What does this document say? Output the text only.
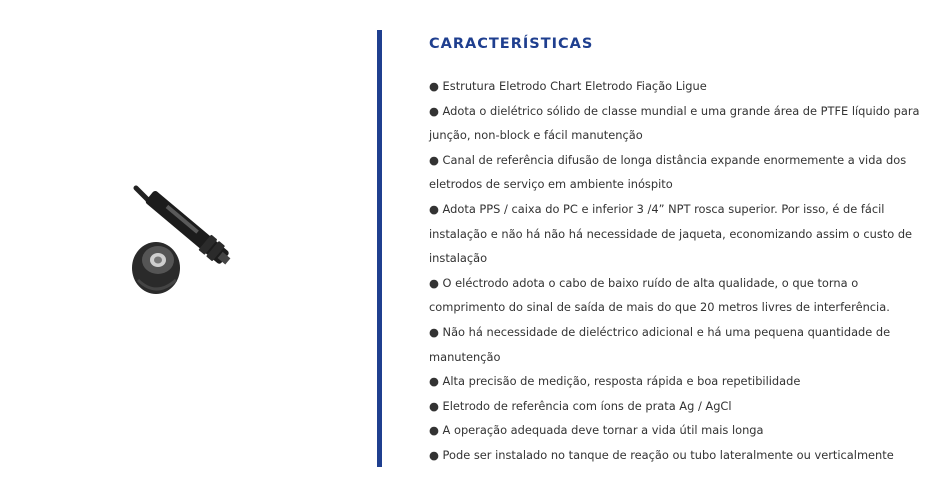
CARACTERÍSTICAS
● Estrutura Eletrodo Chart Eletrodo Fiação Ligue
● Adota o dielétrico sólido de classe mundial e uma grande área de PTFE líquido para junção, non-block e fácil manutenção
● Canal de referência difusão de longa distância expande enormemente a vida dos eletrodos de serviço em ambiente inóspito
● Adota PPS / caixa do PC e inferior 3 /4” NPT rosca superior. Por isso, é de fácil instalação e não há não há necessidade de jaqueta, economizando assim o custo de instalação
● O eléctrodo adota o cabo de baixo ruído de alta qualidade, o que torna o comprimento do sinal de saída de mais do que 20 metros livres de interferência.
● Não há necessidade de dieléctrico adicional e há uma pequena quantidade de manutenção
● Alta precisão de medição, resposta rápida e boa repetibilidade
● Eletrodo de referência com íons de prata Ag / AgCl
● A operação adequada deve tornar a vida útil mais longa
● Pode ser instalado no tanque de reação ou tubo lateralmente ou verticalmente
